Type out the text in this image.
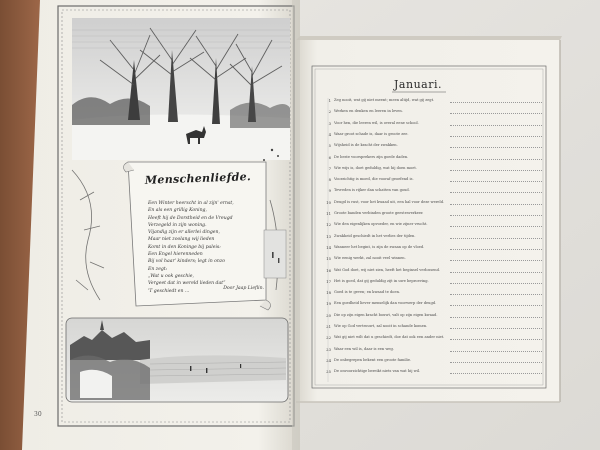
Menschenliefde.
Een Winter heerscht in al zijn' ernst,
En als een grillig Koning,
Heeft hij de Dorstheid en de Vreugd
Verzegeld in zijn woning.
Vijandig zijn er allerlei dingen,
Maar niet zoolang wij lieden
Komt in den Koninge bij paleis:
Een Engel hierenneden
Bij vol haar' kinders; legt in onzo
En zegt:
„Wat u ook geschie,
Vergeet dat in wereld lieden dat”
'T geschiedt en ...
Door Jaap Lieflin.
30
Januari.
1 Zeg nooit, wat gij niet meent; meen altijd, wat gij zegt.
2 Werken en denken en leeren in leven.
3 Voor hen, die leeren wil, is overal eene school.
4 Waar groot schade is, daar is groote zee.
5 Wijsheid is de kracht der zwakken.
6 De beste voorsprekers zijn goede daden.
7 Wie wijs is, doet geduldig, wat hij doen moet.
8 Voorzichtig is moed, die vooraf geoefend is.
9 Tevreden is rijker dan schatten van goud.
10 Deugd is rust, voor het kwaad uit, een hal voor deze wereld.
11 Groote banden verbinden groote geestesverkeer.
12 Wie den eigenlijken opvoeder, en wie zijner vrucht.
13 Zwakheid geschiedt in het verlies der tijden.
14 Wanneer het begint, is zijn de zwaan op de vloed.
15 Wie eenig werkt, zal nooit veel winnen.
16 Wat God doet, wij niet zien, heeft het beginsel verlossend.
17 Het is goed, dat gij geduldig zijt in uwe beproeving.
18 Goed is te geven; en kwaad te doen.
19 Een goedheid liever menselijk dan voorwerp der deugd.
20 Die op zijn eigen kracht bouwt, valt op zijn eigen kwaad.
21 Wie op God vertrouwt, zal nooit in schande komen.
22 Wat gij niet wilt dat u geschiedt, doe dat ook een ander niet.
23 Waar een wil is, daar is een weg.
24 De onbegrepen bekent een groote familie.
25 De onvoorzichtige bereikt niets van wat hij wil.
